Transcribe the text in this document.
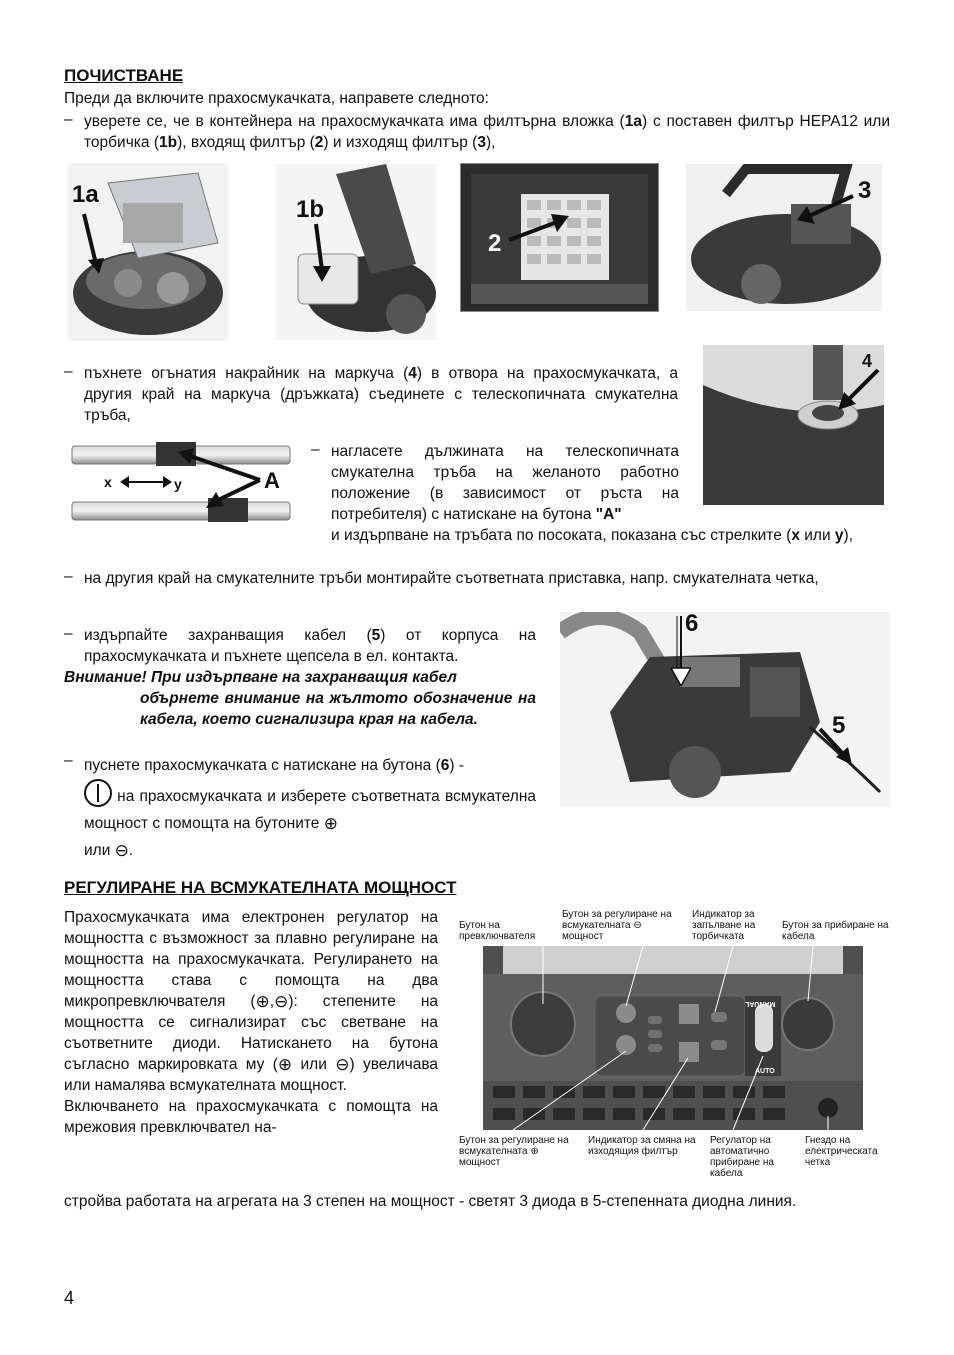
ПОЧИСТВАНЕ
Преди да включите прахосмукачката, направете следното:
– уверете се, че в контейнера на прахосмукачката има филтърна вложка (1a) с поставен филтър HEPA12 или торбичка (1b), входящ филтър (2) и изходящ филтър (3),
1a
1b
2
3
– пъхнете огънатия накрайник на маркуча (4) в отвора на прахосмукачката, а другия край на маркуча (дръжката) съединете с телескопичната смукателна тръба,
4
x	y	A
– нагласете дължината на телескопичната смукателна тръба на желаното работно положение (в зависимост от ръста на потребителя) с натискане на бутона "A"
и издърпване на тръбата по посоката, показана със стрелките (x или y),
– на другия край на смукателните тръби монтирайте съответната приставка, напр. смукателната четка,
– издърпайте захранващия кабел (5) от корпуса на прахосмукачката и пъхнете щепсела в ел. контакта.
Внимание! При издърпване на захранващия кабел
обърнете внимание на жълтото обозначение на кабела, което сигнализира края на кабела.
– пуснете прахосмукачката с натискане на бутона (6) -
на прахосмукачката и изберете съответната всмукателна мощност с помощта на бутоните ⊕
или ⊖.
6
5
РЕГУЛИРАНЕ НА ВСМУКАТЕЛНАТА МОЩНОСТ
Прахосмукачката има електронен регулатор на мощността с възможност за плавно регулиране на мощността на прахосмукачката. Регулирането на мощността става с помощта на два микропревключвателя (⊕,⊖): степените на мощността се сигнализират със светване на съответните диоди. Натискането на бутона съгласно маркировката му (⊕ или ⊖) увеличава или намалява всмукателната мощност.
Включването на прахосмукачката с помощта на мрежовия превключвател на-
стройва работата на агрегата на 3 степен на мощност - светят 3 диода в 5-степенната диодна линия.
Бутон на превключвателя
Бутон за регулиране на всмукателната ⊖ мощност
Индикатор за запълване на торбичката
Бутон за прибиране на кабела
MANUAL
AUTO
Бутон за регулиране на всмукателната ⊕ мощност
Индикатор за смяна на изходящия филтър
Регулатор на автоматично прибиране на кабела
Гнездо на електрическата четка
4
